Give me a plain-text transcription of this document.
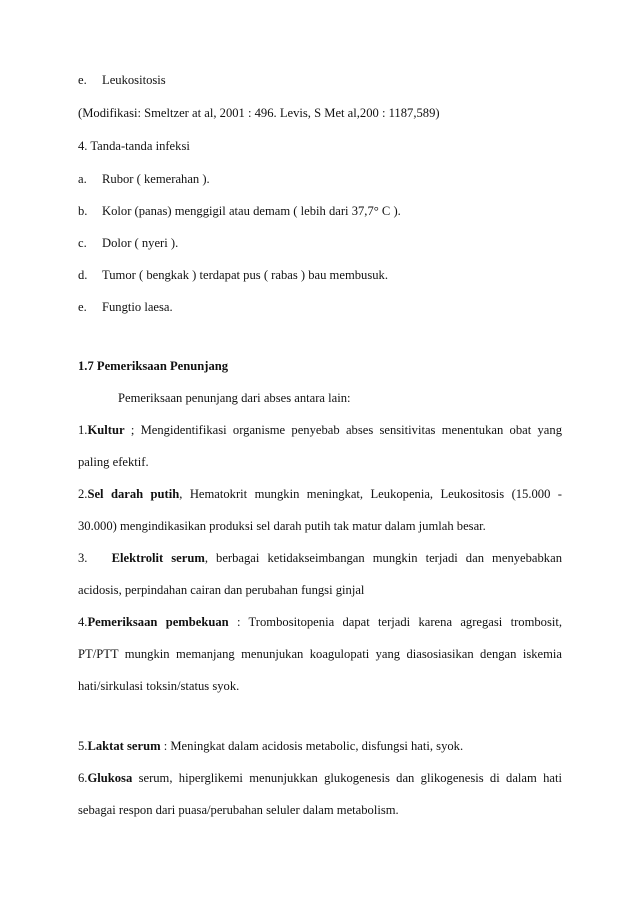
e. Leukositosis
(Modifikasi: Smeltzer at al, 2001 : 496. Levis, S Met al,200 : 1187,589)
4. Tanda-tanda infeksi
a. Rubor ( kemerahan ).
b. Kolor (panas) menggigil atau demam ( lebih dari 37,7° C ).
c. Dolor ( nyeri ).
d. Tumor ( bengkak ) terdapat pus ( rabas ) bau membusuk.
e. Fungtio laesa.
1.7 Pemeriksaan Penunjang
Pemeriksaan penunjang dari abses antara lain:
1.Kultur ; Mengidentifikasi organisme penyebab abses sensitivitas menentukan obat yang
paling efektif.
2.Sel darah putih, Hematokrit mungkin meningkat, Leukopenia, Leukositosis (15.000 -
30.000) mengindikasikan produksi sel darah putih tak matur dalam jumlah besar.
3. Elektrolit serum, berbagai ketidakseimbangan mungkin terjadi dan menyebabkan
acidosis, perpindahan cairan dan perubahan fungsi ginjal
4.Pemeriksaan pembekuan : Trombositopenia dapat terjadi karena agregasi trombosit,
PT/PTT mungkin memanjang menunjukan koagulopati yang diasosiasikan dengan iskemia
hati/sirkulasi toksin/status syok.
5.Laktat serum : Meningkat dalam acidosis metabolic, disfungsi hati, syok.
6.Glukosa serum, hiperglikemi menunjukkan glukogenesis dan glikogenesis di dalam hati
sebagai respon dari puasa/perubahan seluler dalam metabolism.
